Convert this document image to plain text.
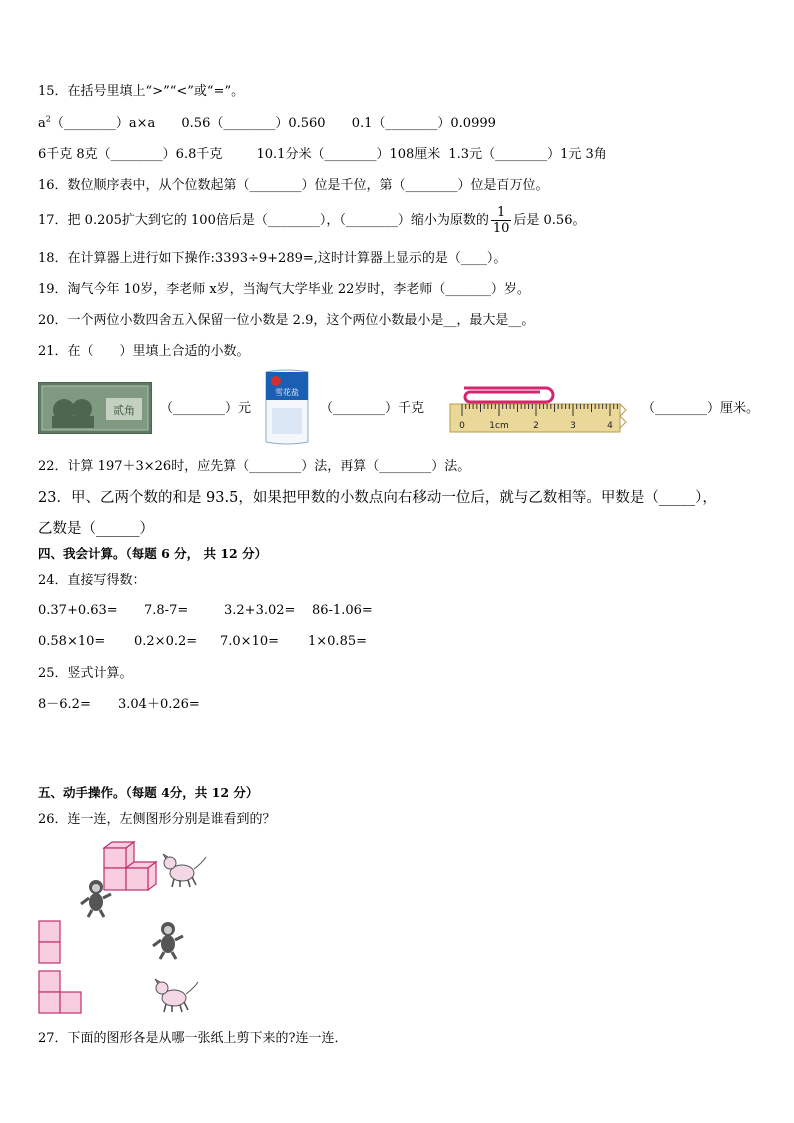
15．在括号里填上“>”“<”或“=”。
$a^2(\_\_\_\_\_\_\_\_)a\times a$ 0.56（________）0.560 0.1（________）0.0999
6千克 8克（________）6.8千克	10.1分米（________）108厘米 1.3元（________）1元 3角
16．数位顺序表中，从个位数起第（________）位是千位，第（________）位是百万位。
17．把 0.205扩大到它的 100倍后是（________），（________）缩小为原数的 $\frac{1}{10}$ 后是 0.56。
18．在计算器上进行如下操作:3393÷9+289=,这时计算器上显示的是（____）。
19．淘气今年 10岁，李老师 x岁，当淘气大学毕业 22岁时，李老师（_______）岁。
20．一个两位小数四舍五入保留一位小数是 2.9，这个两位小数最小是__，最大是__。
21．在（　　）里填上合适的小数。
贰角 （________）元
雪花盐
（________）千克
0	1cm	2	3	4
（________）厘米。
22．计算 197＋3×26时，应先算（________）法，再算（________）法。
23．甲、乙两个数的和是 93.5，如果把甲数的小数点向右移动一位后，就与乙数相等。甲数是（_____），
乙数是（______）
四、我会计算。（每题 6 分， 共 12 分）
24．直接写得数：
0.37+0.63= 7.8-7=	3.2+3.02= 86-1.06=
0.58×10= 0.2×0.2= 7.0×10= 1×0.85=
25．竖式计算。
8－6.2= 3.04＋0.26=
五、动手操作。（每题 4分，共 12 分）
26．连一连，左侧图形分别是谁看到的？
27．下面的图形各是从哪一张纸上剪下来的?连一连．
